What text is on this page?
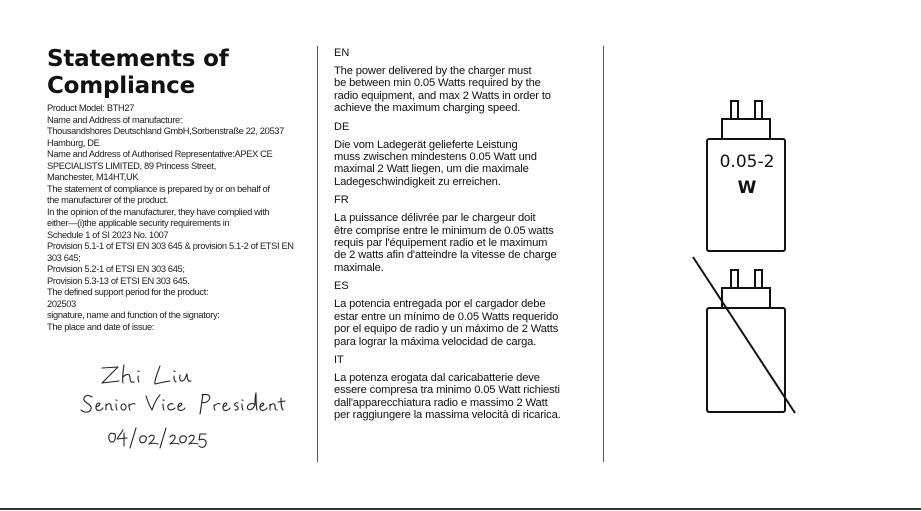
Statements of
Compliance
Product Model: BTH27
Name and Address of manufacture:
Thousandshores Deutschland GmbH,Sorbenstraße 22, 20537
Hamburg, DE
Name and Address of Authorised Representative:APEX CE
SPECIALISTS LIMITED, 89 Princess Street,
Manchester, M14HT,UK
The statement of compliance is prepared by or on behalf of
the manufacturer of the product.
In the opinion of the manufacturer, they have complied with
either—(i)the applicable security requirements in
Schedule 1 of SI 2023 No. 1007
Provision 5.1-1 of ETSI EN 303 645 & provision 5.1-2 of ETSI EN
303 645;
Provision 5.2-1 of ETSI EN 303 645;
Provision 5.3-13 of ETSI EN 303 645.
The defined support period for the product:
202503
signature, name and function of the signatory:
The place and date of issue:
EN
The power delivered by the charger must
be between min 0.05 Watts required by the
radio equipment, and max 2 Watts in order to
achieve the maximum charging speed.
DE
Die vom Ladegerät gelieferte Leistung
muss zwischen mindestens 0.05 Watt und
maximal 2 Watt liegen, um die maximale
Ladegeschwindigkeit zu erreichen.
FR
La puissance délivrée par le chargeur doit
être comprise entre le minimum de 0.05 watts
requis par l'équipement radio et le maximum
de 2 watts afin d'atteindre la vitesse de charge
maximale.
ES
La potencia entregada por el cargador debe
estar entre un mínimo de 0.05 Watts requerido
por el equipo de radio y un máximo de 2 Watts
para lograr la máxima velocidad de carga.
IT
La potenza erogata dal caricabatterie deve
essere compresa tra minimo 0.05 Watt richiesti
dall'apparecchiatura radio e massimo 2 Watt
per raggiungere la massima velocità di ricarica.
0.05-2
W
